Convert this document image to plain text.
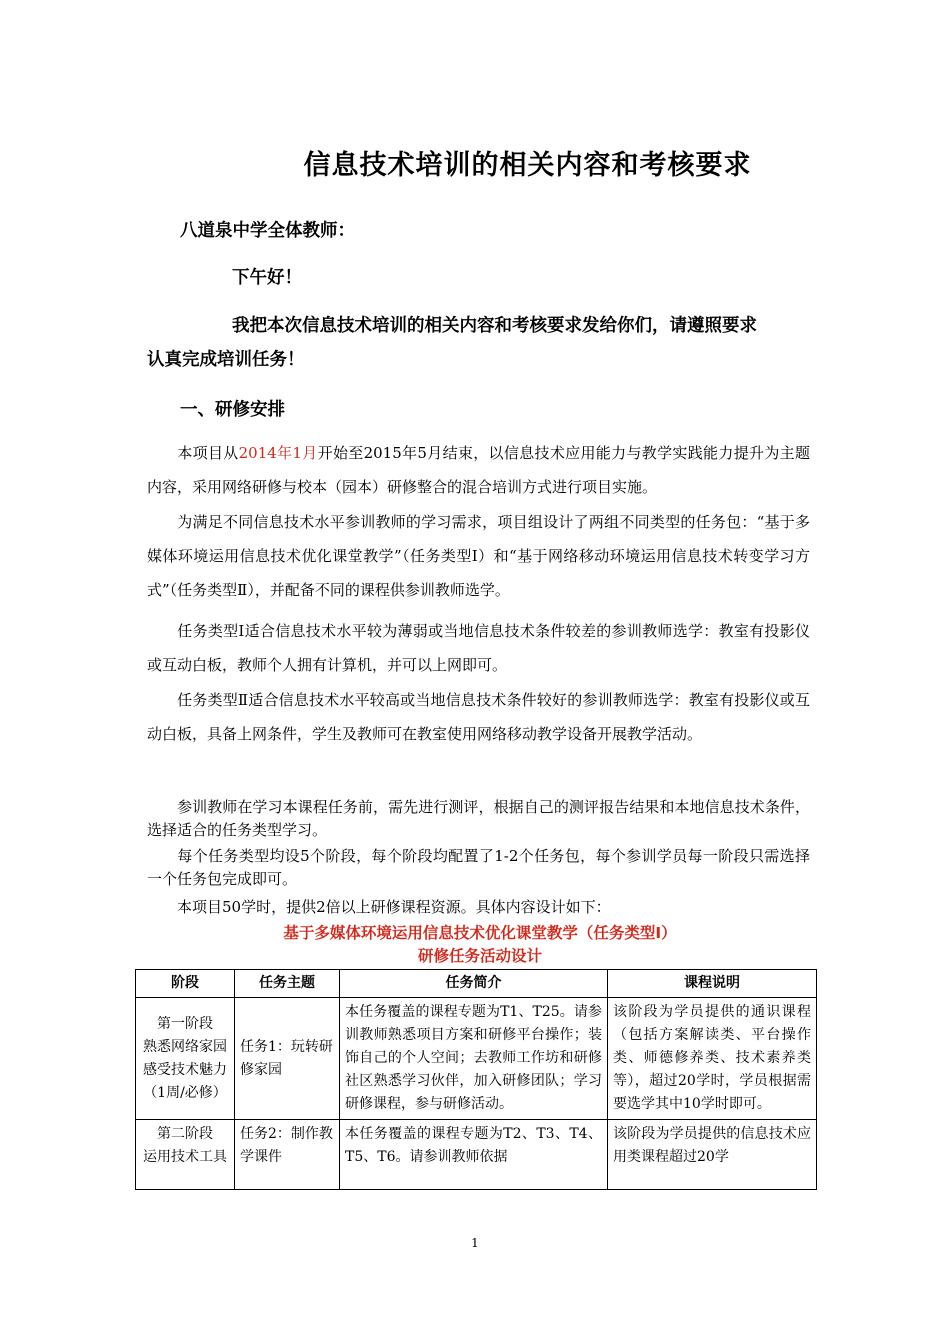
信息技术培训的相关内容和考核要求
八道泉中学全体教师：
下午好！
我把本次信息技术培训的相关内容和考核要求发给你们，请遵照要求
认真完成培训任务！
一、研修安排
本项目从2014年1月开始至2015年5月结束，以信息技术应用能力与教学实践能力提升为主题内容，采用网络研修与校本（园本）研修整合的混合培训方式进行项目实施。
为满足不同信息技术水平参训教师的学习需求，项目组设计了两组不同类型的任务包：“基于多媒体环境运用信息技术优化课堂教学”（任务类型Ⅰ）和“基于网络移动环境运用信息技术转变学习方式”（任务类型Ⅱ），并配备不同的课程供参训教师选学。
任务类型Ⅰ适合信息技术水平较为薄弱或当地信息技术条件较差的参训教师选学：教室有投影仪或互动白板，教师个人拥有计算机，并可以上网即可。
任务类型Ⅱ适合信息技术水平较高或当地信息技术条件较好的参训教师选学：教室有投影仪或互动白板，具备上网条件，学生及教师可在教室使用网络移动教学设备开展教学活动。
参训教师在学习本课程任务前，需先进行测评，根据自己的测评报告结果和本地信息技术条件，选择适合的任务类型学习。
每个任务类型均设5个阶段，每个阶段均配置了1-2个任务包，每个参训学员每一阶段只需选择一个任务包完成即可。
本项目50学时，提供2倍以上研修课程资源。具体内容设计如下：
基于多媒体环境运用信息技术优化课堂教学（任务类型Ⅰ）
研修任务活动设计
阶段	任务主题	任务简介	课程说明
第一阶段
熟悉网络家园
感受技术魅力
（1周/必修）	任务1：玩转研修家园	本任务覆盖的课程专题为T1、T25。请参训教师熟悉项目方案和研修平台操作；装饰自己的个人空间；去教师工作坊和研修社区熟悉学习伙伴，加入研修团队；学习研修课程，参与研修活动。	该阶段为学员提供的通识课程（包括方案解读类、平台操作类、师德修养类、技术素养类等），超过20学时，学员根据需要选学其中10学时即可。
第二阶段
运用技术工具	任务2：制作教学课件	本任务覆盖的课程专题为T2、T3、T4、T5、T6。请参训教师依据	该阶段为学员提供的信息技术应用类课程超过20学
1
